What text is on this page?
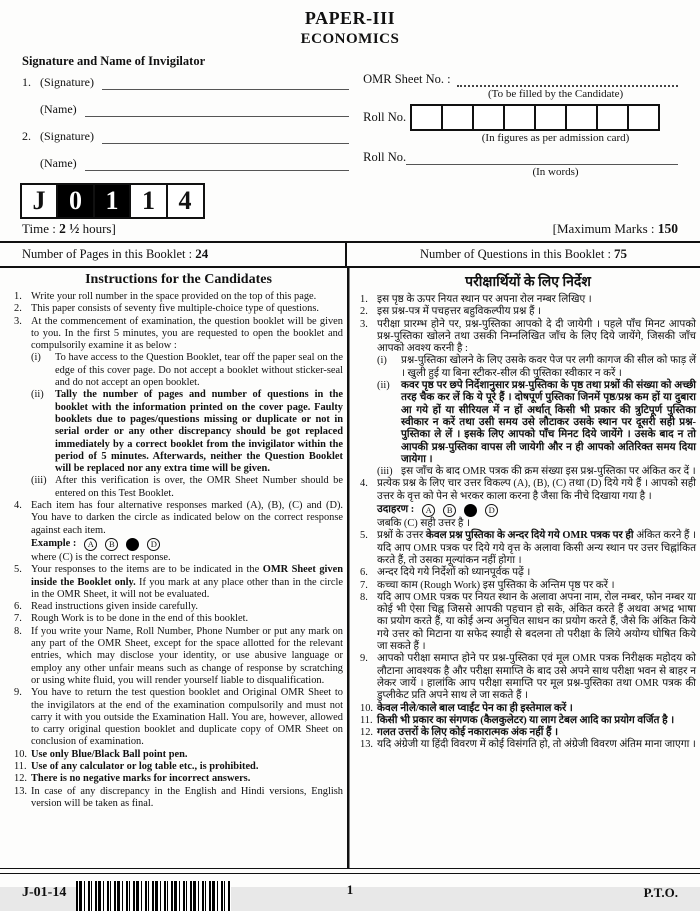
PAPER-III
ECONOMICS
Signature and Name of Invigilator
1. (Signature)
(Name)
2. (Signature)
(Name)
J 0 1 1 4
OMR Sheet No. :
(To be filled by the Candidate)
Roll No.
(In figures as per admission card)
Roll No.
(In words)
Time : 2 ½ hours]	[Maximum Marks : 150
Number of Pages in this Booklet : 24	Number of Questions in this Booklet : 75
Instructions for the Candidates
1. Write your roll number in the space provided on the top of this page.
2. This paper consists of seventy five multiple-choice type of questions.
3. At the commencement of examination, the question booklet will be given to you. In the first 5 minutes, you are requested to open the booklet and compulsorily examine it as below :
(i)	To have access to the Question Booklet, tear off the paper seal on the edge of this cover page. Do not accept a booklet without sticker-seal and do not accept an open booklet.
(ii)	Tally the number of pages and number of questions in the booklet with the information printed on the cover page. Faulty booklets due to pages/questions missing or duplicate or not in serial order or any other discrepancy should be got replaced immediately by a correct booklet from the invigilator within the period of 5 minutes. Afterwards, neither the Question Booklet will be replaced nor any extra time will be given.
(iii) After this verification is over, the OMR Sheet Number should be entered on this Test Booklet.
4. Each item has four alternative responses marked (A), (B), (C) and (D). You have to darken the circle as indicated below on the correct response against each item.
Example :	A	B	D
where (C) is the correct response.
5. Your responses to the items are to be indicated in the OMR Sheet given inside the Booklet only. If you mark at any place other than in the circle in the OMR Sheet, it will not be evaluated.
6. Read instructions given inside carefully.
7. Rough Work is to be done in the end of this booklet.
8. If you write your Name, Roll Number, Phone Number or put any mark on any part of the OMR Sheet, except for the space allotted for the relevant entries, which may disclose your identity, or use abusive language or employ any other unfair means such as change of response by scratching or using white fluid, you will render yourself liable to disqualification.
9. You have to return the test question booklet and Original OMR Sheet to the invigilators at the end of the examination compulsorily and must not carry it with you outside the Examination Hall. You are, however, allowed to carry original question booklet and duplicate copy of OMR Sheet on conclusion of examination.
10. Use only Blue/Black Ball point pen.
11. Use of any calculator or log table etc., is prohibited.
12. There is no negative marks for incorrect answers.
13. In case of any discrepancy in the English and Hindi versions, English version will be taken as final.
परीक्षार्थियों के लिए निर्देश
1. इस पृष्ठ के ऊपर नियत स्थान पर अपना रोल नम्बर लिखिए ।
2. इस प्रश्न-पत्र में पचहत्तर बहुविकल्पीय प्रश्न हैं ।
3. परीक्षा प्रारम्भ होने पर, प्रश्न-पुस्तिका आपको दे दी जायेगी । पहले पाँच मिनट आपको प्रश्न-पुस्तिका खोलने तथा उसकी निम्नलिखित जाँच के लिए दिये जायेंगे, जिसकी जाँच आपको अवश्य करनी है :
(i)	प्रश्न-पुस्तिका खोलने के लिए उसके कवर पेज पर लगी कागज की सील को फाड़ लें । खुली हुई या बिना स्टीकर-सील की पुस्तिका स्वीकार न करें ।
(ii)	कवर पृष्ठ पर छपे निर्देशानुसार प्रश्न-पुस्तिका के पृष्ठ तथा प्रश्नों की संख्या को अच्छी तरह चैक कर लें कि ये पूरे हैं । दोषपूर्ण पुस्तिका जिनमें पृष्ठ/प्रश्न कम हों या दुबारा आ गये हों या सीरियल में न हों अर्थात् किसी भी प्रकार की त्रुटिपूर्ण पुस्तिका स्वीकार न करें तथा उसी समय उसे लौटाकर उसके स्थान पर दूसरी सही प्रश्न-पुस्तिका ले लें । इसके लिए आपको पाँच मिनट दिये जायेंगे । उसके बाद न तो आपकी प्रश्न-पुस्तिका वापस ली जायेगी और न ही आपको अतिरिक्त समय दिया जायेगा ।
(iii) इस जाँच के बाद OMR पत्रक की क्रम संख्या इस प्रश्न-पुस्तिका पर अंकित कर दें ।
4. प्रत्येक प्रश्न के लिए चार उत्तर विकल्प (A), (B), (C) तथा (D) दिये गये हैं । आपको सही उत्तर के वृत्त को पेन से भरकर काला करना है जैसा कि नीचे दिखाया गया है ।
उदाहरण :	A	B	D
जबकि (C) सही उत्तर है ।
5. प्रश्नों के उत्तर केवल प्रश्न पुस्तिका के अन्दर दिये गये OMR पत्रक पर ही अंकित करने हैं । यदि आप OMR पत्रक पर दिये गये वृत्त के अलावा किसी अन्य स्थान पर उत्तर चिह्नांकित करते हैं, तो उसका मूल्यांकन नहीं होगा ।
6. अन्दर दिये गये निर्देशों को ध्यानपूर्वक पढ़ें ।
7. कच्चा काम (Rough Work) इस पुस्तिका के अन्तिम पृष्ठ पर करें ।
8. यदि आप OMR पत्रक पर नियत स्थान के अलावा अपना नाम, रोल नम्बर, फोन नम्बर या कोई भी ऐसा चिह्न जिससे आपकी पहचान हो सके, अंकित करते हैं अथवा अभद्र भाषा का प्रयोग करते हैं, या कोई अन्य अनुचित साधन का प्रयोग करते हैं, जैसे कि अंकित किये गये उत्तर को मिटाना या सफेद स्याही से बदलना तो परीक्षा के लिये अयोग्य घोषित किये जा सकते हैं ।
9. आपको परीक्षा समाप्त होने पर प्रश्न-पुस्तिका एवं मूल OMR पत्रक निरीक्षक महोदय को लौटाना आवश्यक है और परीक्षा समाप्ति के बाद उसे अपने साथ परीक्षा भवन से बाहर न लेकर जायें । हालांकि आप परीक्षा समाप्ति पर मूल प्रश्न-पुस्तिका तथा OMR पत्रक की डुप्लीकेट प्रति अपने साथ ले जा सकते हैं ।
10. केवल नीले/काले बाल प्वाईंट पेन का ही इस्तेमाल करें ।
11. किसी भी प्रकार का संगणक (कैलकुलेटर) या लाग टेबल आदि का प्रयोग वर्जित है ।
12. गलत उत्तरों के लिए कोई नकारात्मक अंक नहीं हैं ।
13. यदि अंग्रेजी या हिंदी विवरण में कोई विसंगति हो, तो अंग्रेजी विवरण अंतिम माना जाएगा ।
J-01-14	1	P.T.O.
